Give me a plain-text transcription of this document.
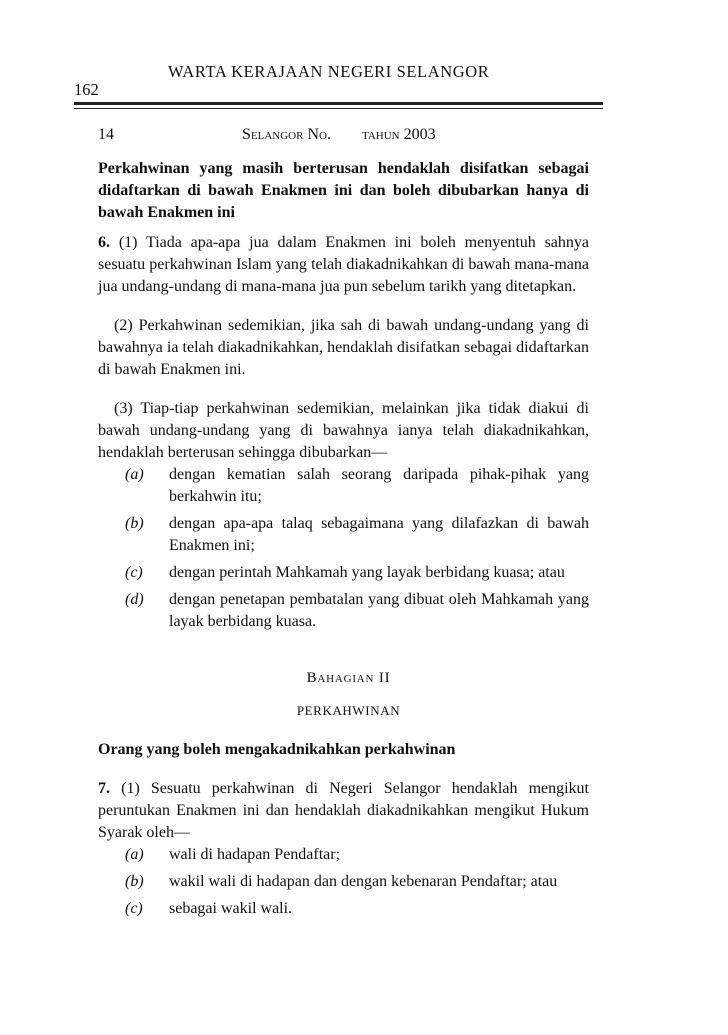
WARTA KERAJAAN NEGERI SELANGOR
162
14	Selangor No. tahun 2003
Perkahwinan yang masih berterusan hendaklah disifatkan sebagai didaftarkan di bawah Enakmen ini dan boleh dibubarkan hanya di bawah Enakmen ini

6. (1) Tiada apa-apa jua dalam Enakmen ini boleh menyentuh sahnya sesuatu perkahwinan Islam yang telah diakadnikahkan di bawah mana-mana jua undang-undang di mana-mana jua pun sebelum tarikh yang ditetapkan.

(2) Perkahwinan sedemikian, jika sah di bawah undang-undang yang di bawahnya ia telah diakadnikahkan, hendaklah disifatkan sebagai didaftarkan di bawah Enakmen ini.

(3) Tiap-tiap perkahwinan sedemikian, melainkan jika tidak diakui di bawah undang-undang yang di bawahnya ianya telah diakadnikahkan, hendaklah berterusan sehingga dibubarkan—

(a) dengan kematian salah seorang daripada pihak-pihak yang berkahwin itu;
(b) dengan apa-apa talaq sebagaimana yang dilafazkan di bawah Enakmen ini;
(c) dengan perintah Mahkamah yang layak berbidang kuasa; atau
(d) dengan penetapan pembatalan yang dibuat oleh Mahkamah yang layak berbidang kuasa.
Bahagian II
PERKAHWINAN
Orang yang boleh mengakadnikahkan perkahwinan

7. (1) Sesuatu perkahwinan di Negeri Selangor hendaklah mengikut peruntukan Enakmen ini dan hendaklah diakadnikahkan mengikut Hukum Syarak oleh—

(a) wali di hadapan Pendaftar;
(b) wakil wali di hadapan dan dengan kebenaran Pendaftar; atau
(c) sebagai wakil wali.
